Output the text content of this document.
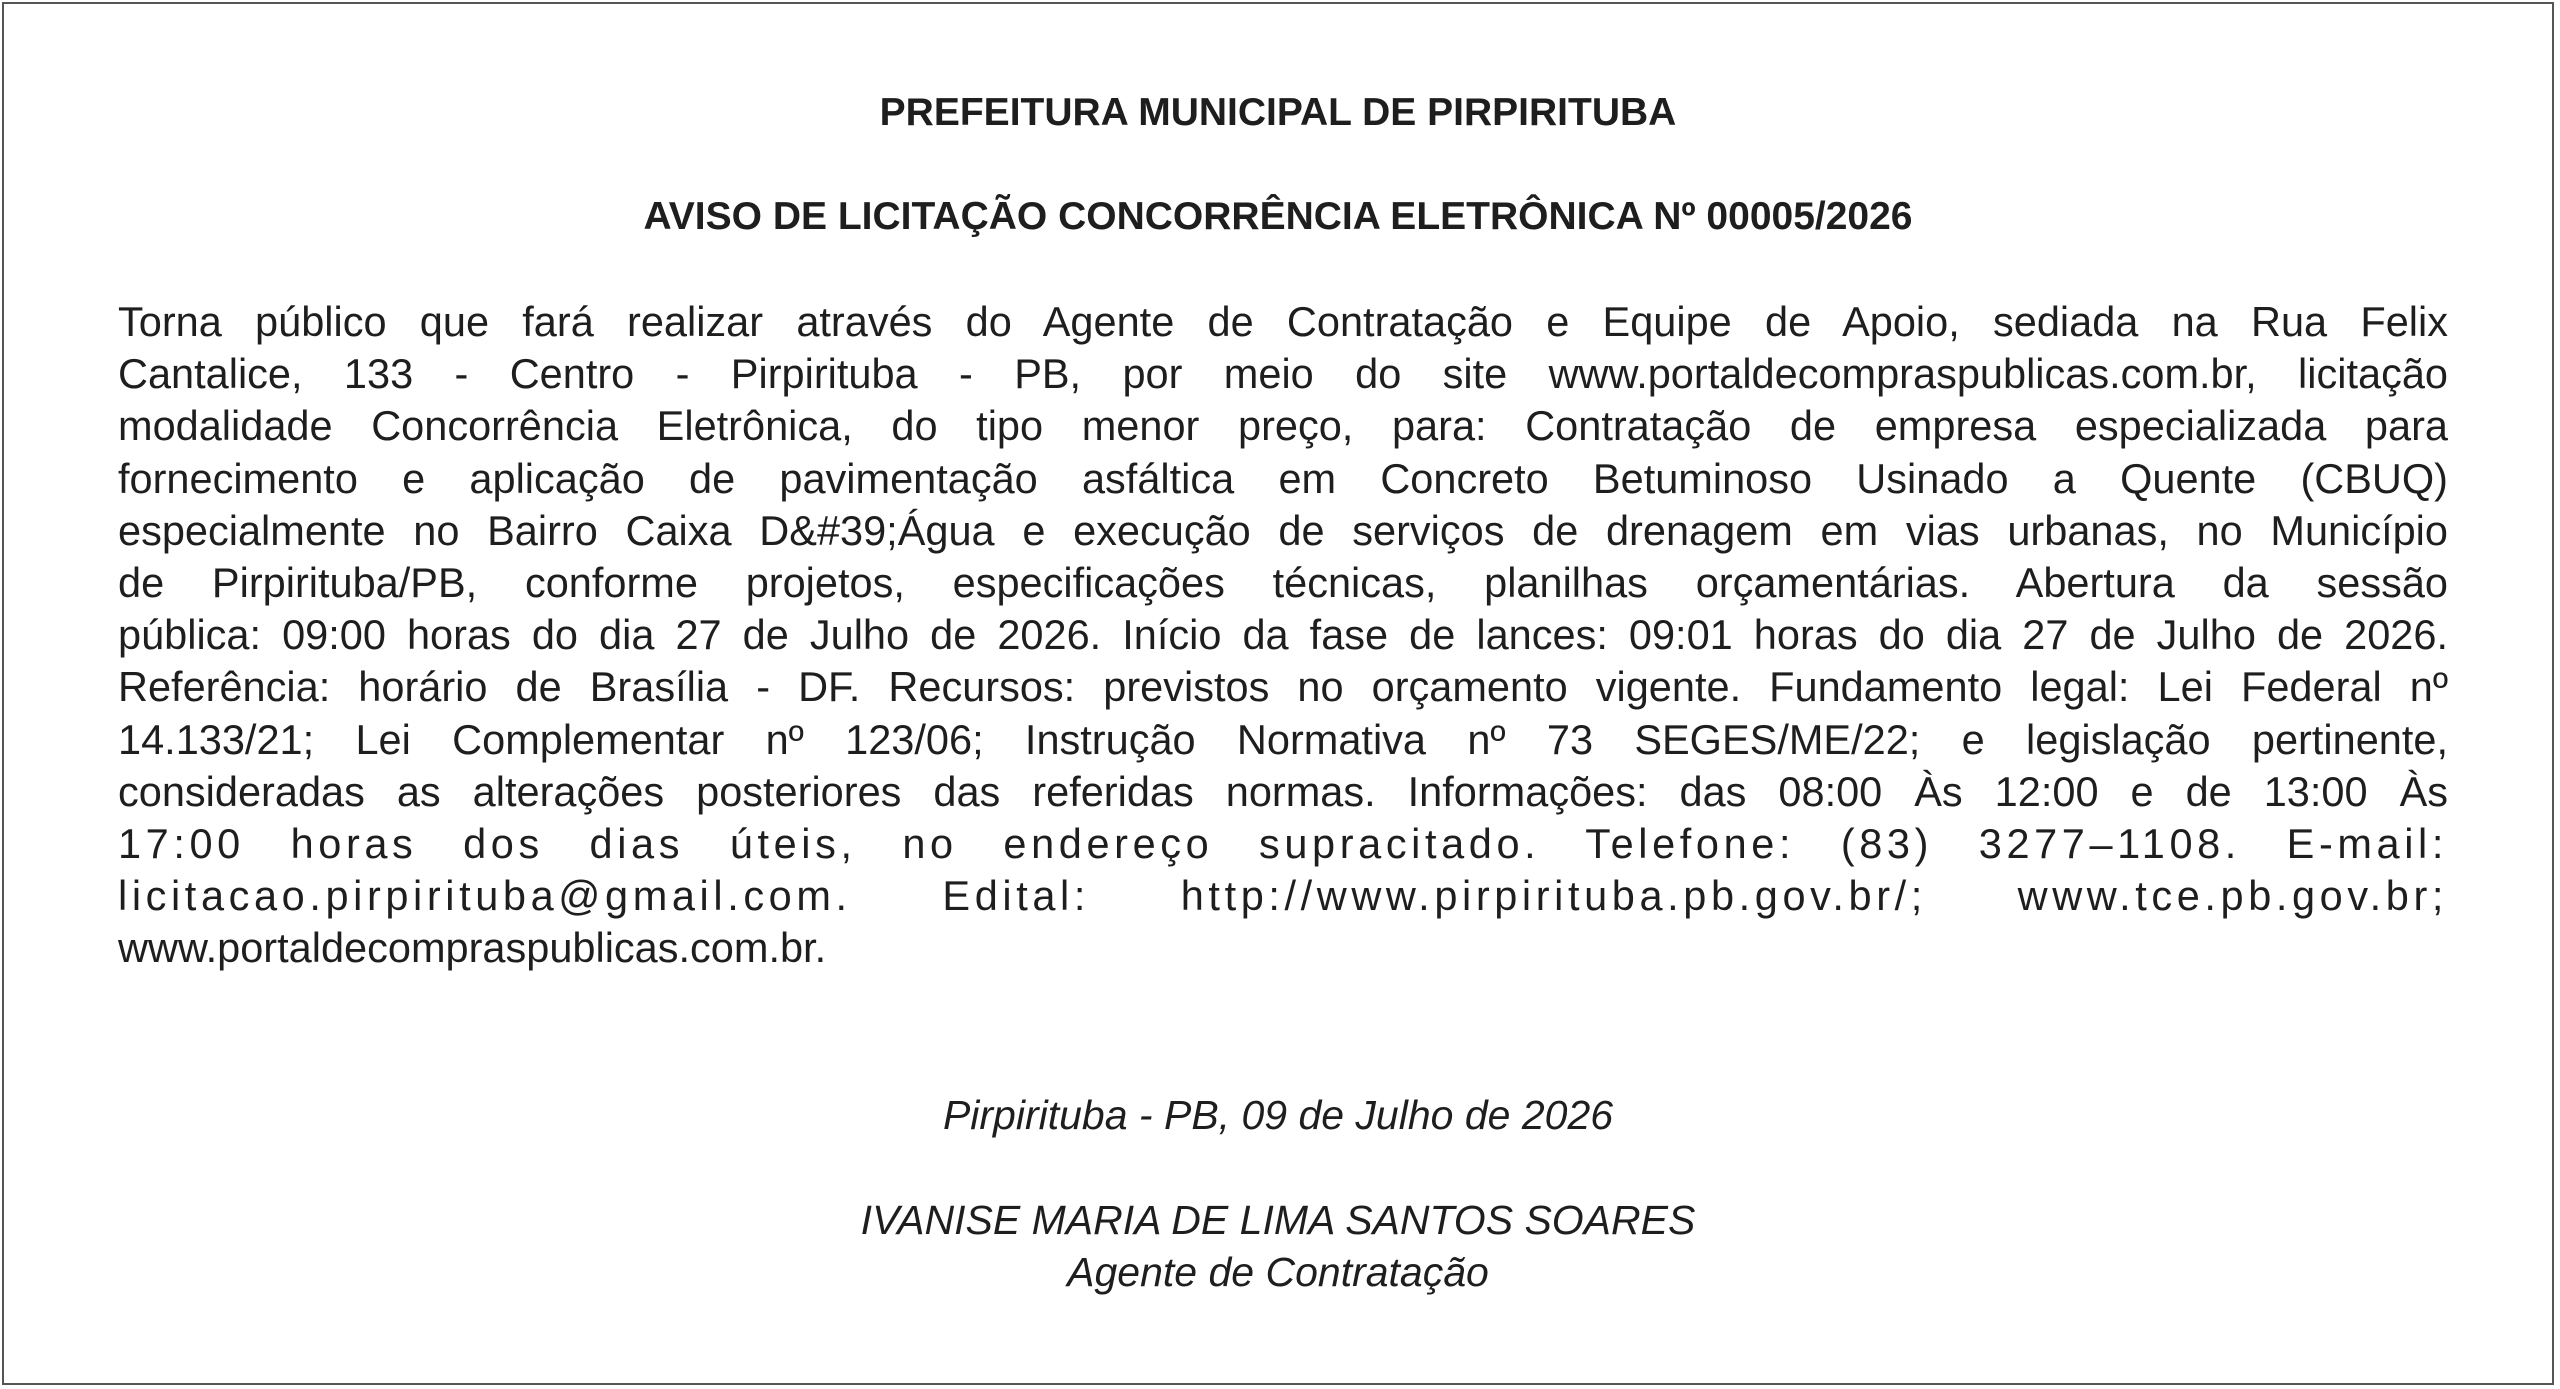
PREFEITURA MUNICIPAL DE PIRPIRITUBA
AVISO DE LICITAÇÃO CONCORRÊNCIA ELETRÔNICA Nº 00005/2026
Torna público que fará realizar através do Agente de Contratação e Equipe de Apoio, sediada na Rua Felix
Cantalice, 133 - Centro - Pirpirituba - PB, por meio do site www.portaldecompraspublicas.com.br, licitação
modalidade Concorrência Eletrônica, do tipo menor preço, para: Contratação de empresa especializada para
fornecimento e aplicação de pavimentação asfáltica em Concreto Betuminoso Usinado a Quente (CBUQ)
especialmente no Bairro Caixa D&#39;Água e execução de serviços de drenagem em vias urbanas, no Município
de Pirpirituba/PB, conforme projetos, especificações técnicas, planilhas orçamentárias. Abertura da sessão
pública: 09:00 horas do dia 27 de Julho de 2026. Início da fase de lances: 09:01 horas do dia 27 de Julho de 2026.
Referência: horário de Brasília - DF. Recursos: previstos no orçamento vigente. Fundamento legal: Lei Federal nº
14.133/21; Lei Complementar nº 123/06; Instrução Normativa nº 73 SEGES/ME/22; e legislação pertinente,
consideradas as alterações posteriores das referidas normas. Informações: das 08:00 Às 12:00 e de 13:00 Às
17:00 horas dos dias úteis, no endereço supracitado. Telefone: (83) 3277–1108. E-mail:
licitacao.pirpirituba@gmail.com. Edital: http://www.pirpirituba.pb.gov.br/; www.tce.pb.gov.br;
www.portaldecompraspublicas.com.br.

Pirpirituba - PB, 09 de Julho de 2026

IVANISE MARIA DE LIMA SANTOS SOARES

Agente de Contratação
